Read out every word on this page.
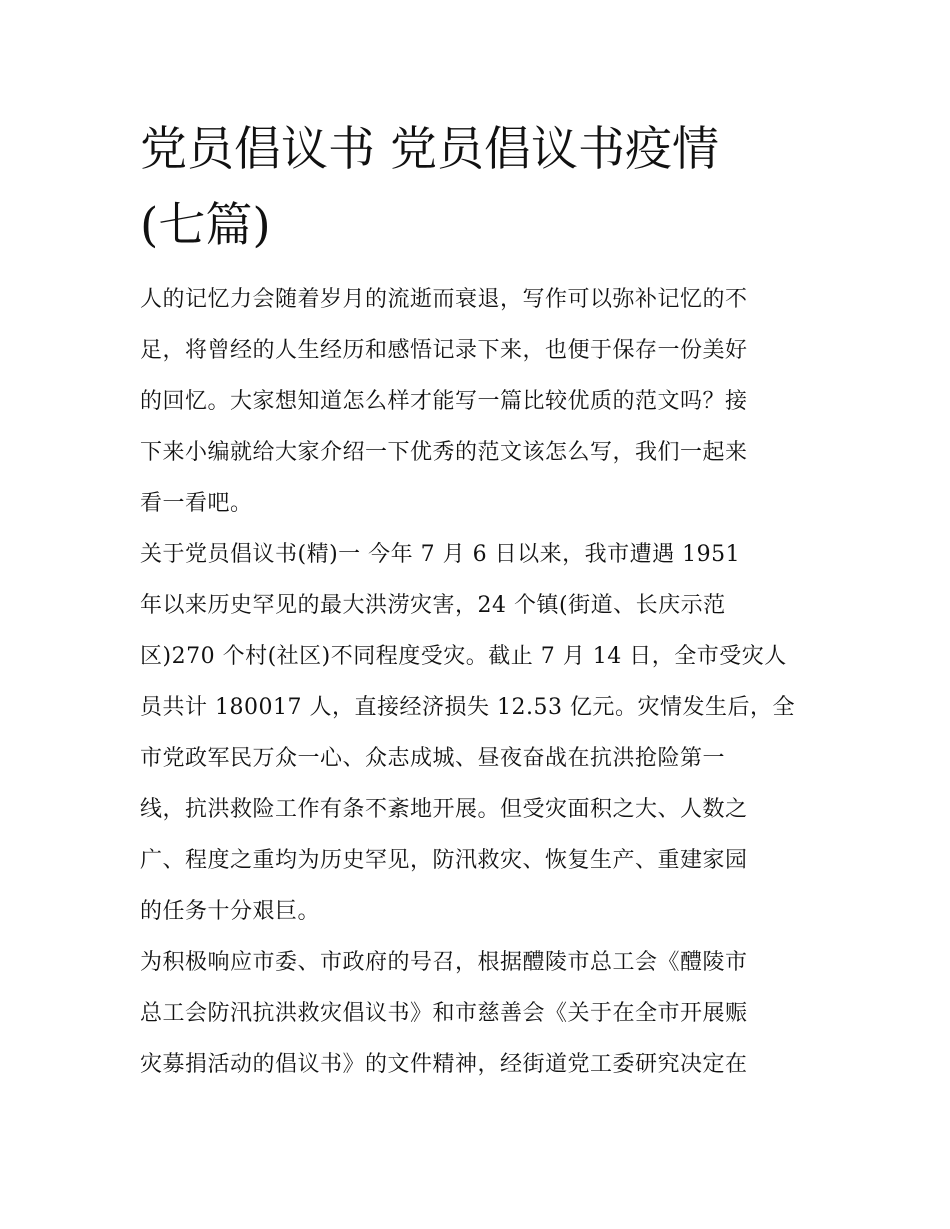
党员倡议书 党员倡议书疫情
(七篇)

人的记忆力会随着岁月的流逝而衰退，写作可以弥补记忆的不
足，将曾经的人生经历和感悟记录下来，也便于保存一份美好
的回忆。大家想知道怎么样才能写一篇比较优质的范文吗？接
下来小编就给大家介绍一下优秀的范文该怎么写，我们一起来
看一看吧。

关于党员倡议书(精)一 今年 7 月 6 日以来，我市遭遇 1951
年以来历史罕见的最大洪涝灾害，24 个镇(街道、长庆示范
区)270 个村(社区)不同程度受灾。截止 7 月 14 日，全市受灾人
员共计 180017 人，直接经济损失 12.53 亿元。灾情发生后，全
市党政军民万众一心、众志成城、昼夜奋战在抗洪抢险第一
线，抗洪救险工作有条不紊地开展。但受灾面积之大、人数之
广、程度之重均为历史罕见，防汛救灾、恢复生产、重建家园
的任务十分艰巨。

为积极响应市委、市政府的号召，根据醴陵市总工会《醴陵市
总工会防汛抗洪救灾倡议书》和市慈善会《关于在全市开展赈
灾募捐活动的倡议书》的文件精神，经街道党工委研究决定在
